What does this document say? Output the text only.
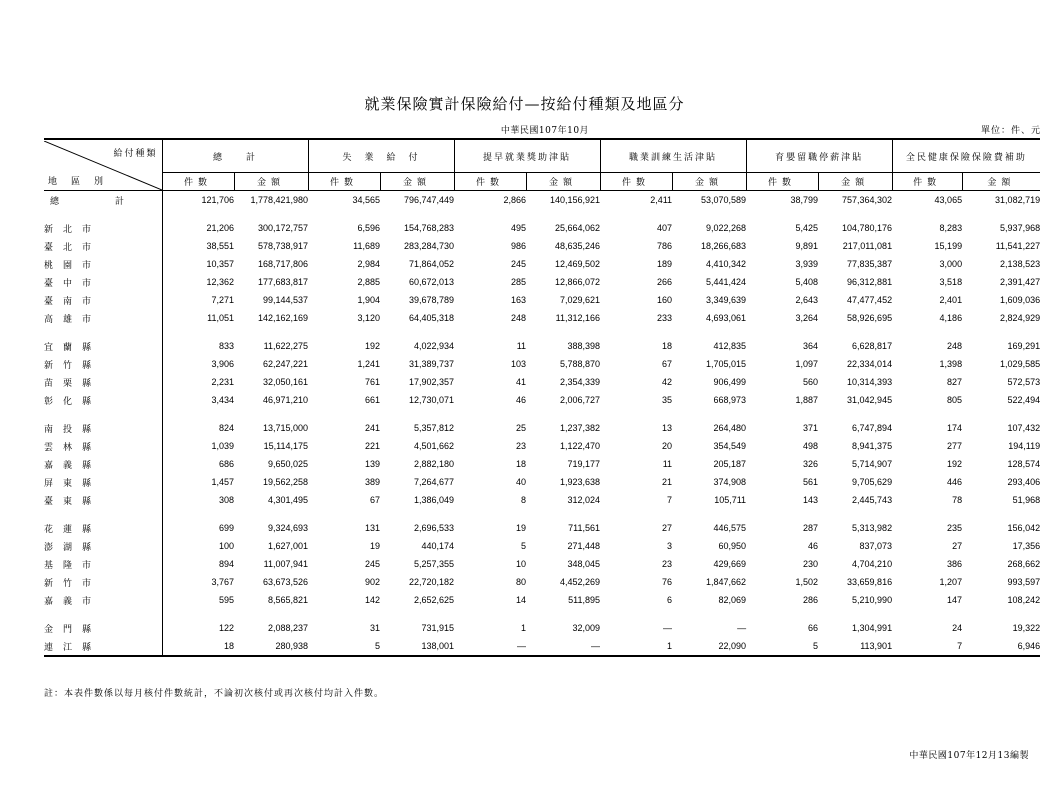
就業保險實計保險給付—按給付種類及地區分
中華民國107年10月	單位：件、元
給付種類
地區別	總　　計		失　業　給　付		提早就業獎助津貼		職業訓練生活津貼		育嬰留職停薪津貼		全民健康保險保險費補助	
	件數	金額	件數	金額	件數	金額	件數	金額	件數	金額	件數	金額
總計	121,706	1,778,421,980	34,565	796,747,449	2,866	140,156,921	2,411	53,070,589	38,799	757,364,302	43,065	31,082,719

新北市	21,206	300,172,757	6,596	154,768,283	495	25,664,062	407	9,022,268	5,425	104,780,176	8,283	5,937,968
臺北市	38,551	578,738,917	11,689	283,284,730	986	48,635,246	786	18,266,683	9,891	217,011,081	15,199	11,541,227
桃園市	10,357	168,717,806	2,984	71,864,052	245	12,469,502	189	4,410,342	3,939	77,835,387	3,000	2,138,523
臺中市	12,362	177,683,817	2,885	60,672,013	285	12,866,072	266	5,441,424	5,408	96,312,881	3,518	2,391,427
臺南市	7,271	99,144,537	1,904	39,678,789	163	7,029,621	160	3,349,639	2,643	47,477,452	2,401	1,609,036
高雄市	11,051	142,162,169	3,120	64,405,318	248	11,312,166	233	4,693,061	3,264	58,926,695	4,186	2,824,929

宜蘭縣	833	11,622,275	192	4,022,934	11	388,398	18	412,835	364	6,628,817	248	169,291
新竹縣	3,906	62,247,221	1,241	31,389,737	103	5,788,870	67	1,705,015	1,097	22,334,014	1,398	1,029,585
苗栗縣	2,231	32,050,161	761	17,902,357	41	2,354,339	42	906,499	560	10,314,393	827	572,573
彰化縣	3,434	46,971,210	661	12,730,071	46	2,006,727	35	668,973	1,887	31,042,945	805	522,494

南投縣	824	13,715,000	241	5,357,812	25	1,237,382	13	264,480	371	6,747,894	174	107,432
雲林縣	1,039	15,114,175	221	4,501,662	23	1,122,470	20	354,549	498	8,941,375	277	194,119
嘉義縣	686	9,650,025	139	2,882,180	18	719,177	11	205,187	326	5,714,907	192	128,574
屏東縣	1,457	19,562,258	389	7,264,677	40	1,923,638	21	374,908	561	9,705,629	446	293,406
臺東縣	308	4,301,495	67	1,386,049	8	312,024	7	105,711	143	2,445,743	78	51,968

花蓮縣	699	9,324,693	131	2,696,533	19	711,561	27	446,575	287	5,313,982	235	156,042
澎湖縣	100	1,627,001	19	440,174	5	271,448	3	60,950	46	837,073	27	17,356
基隆市	894	11,007,941	245	5,257,355	10	348,045	23	429,669	230	4,704,210	386	268,662
新竹市	3,767	63,673,526	902	22,720,182	80	4,452,269	76	1,847,662	1,502	33,659,816	1,207	993,597
嘉義市	595	8,565,821	142	2,652,625	14	511,895	6	82,069	286	5,210,990	147	108,242

金門縣	122	2,088,237	31	731,915	1	32,009	—	—	66	1,304,991	24	19,322
連江縣	18	280,938	5	138,001	—	—	1	22,090	5	113,901	7	6,946
註：本表件數係以每月核付件數統計，不論初次核付或再次核付均計入件數。
中華民國107年12月13編製
